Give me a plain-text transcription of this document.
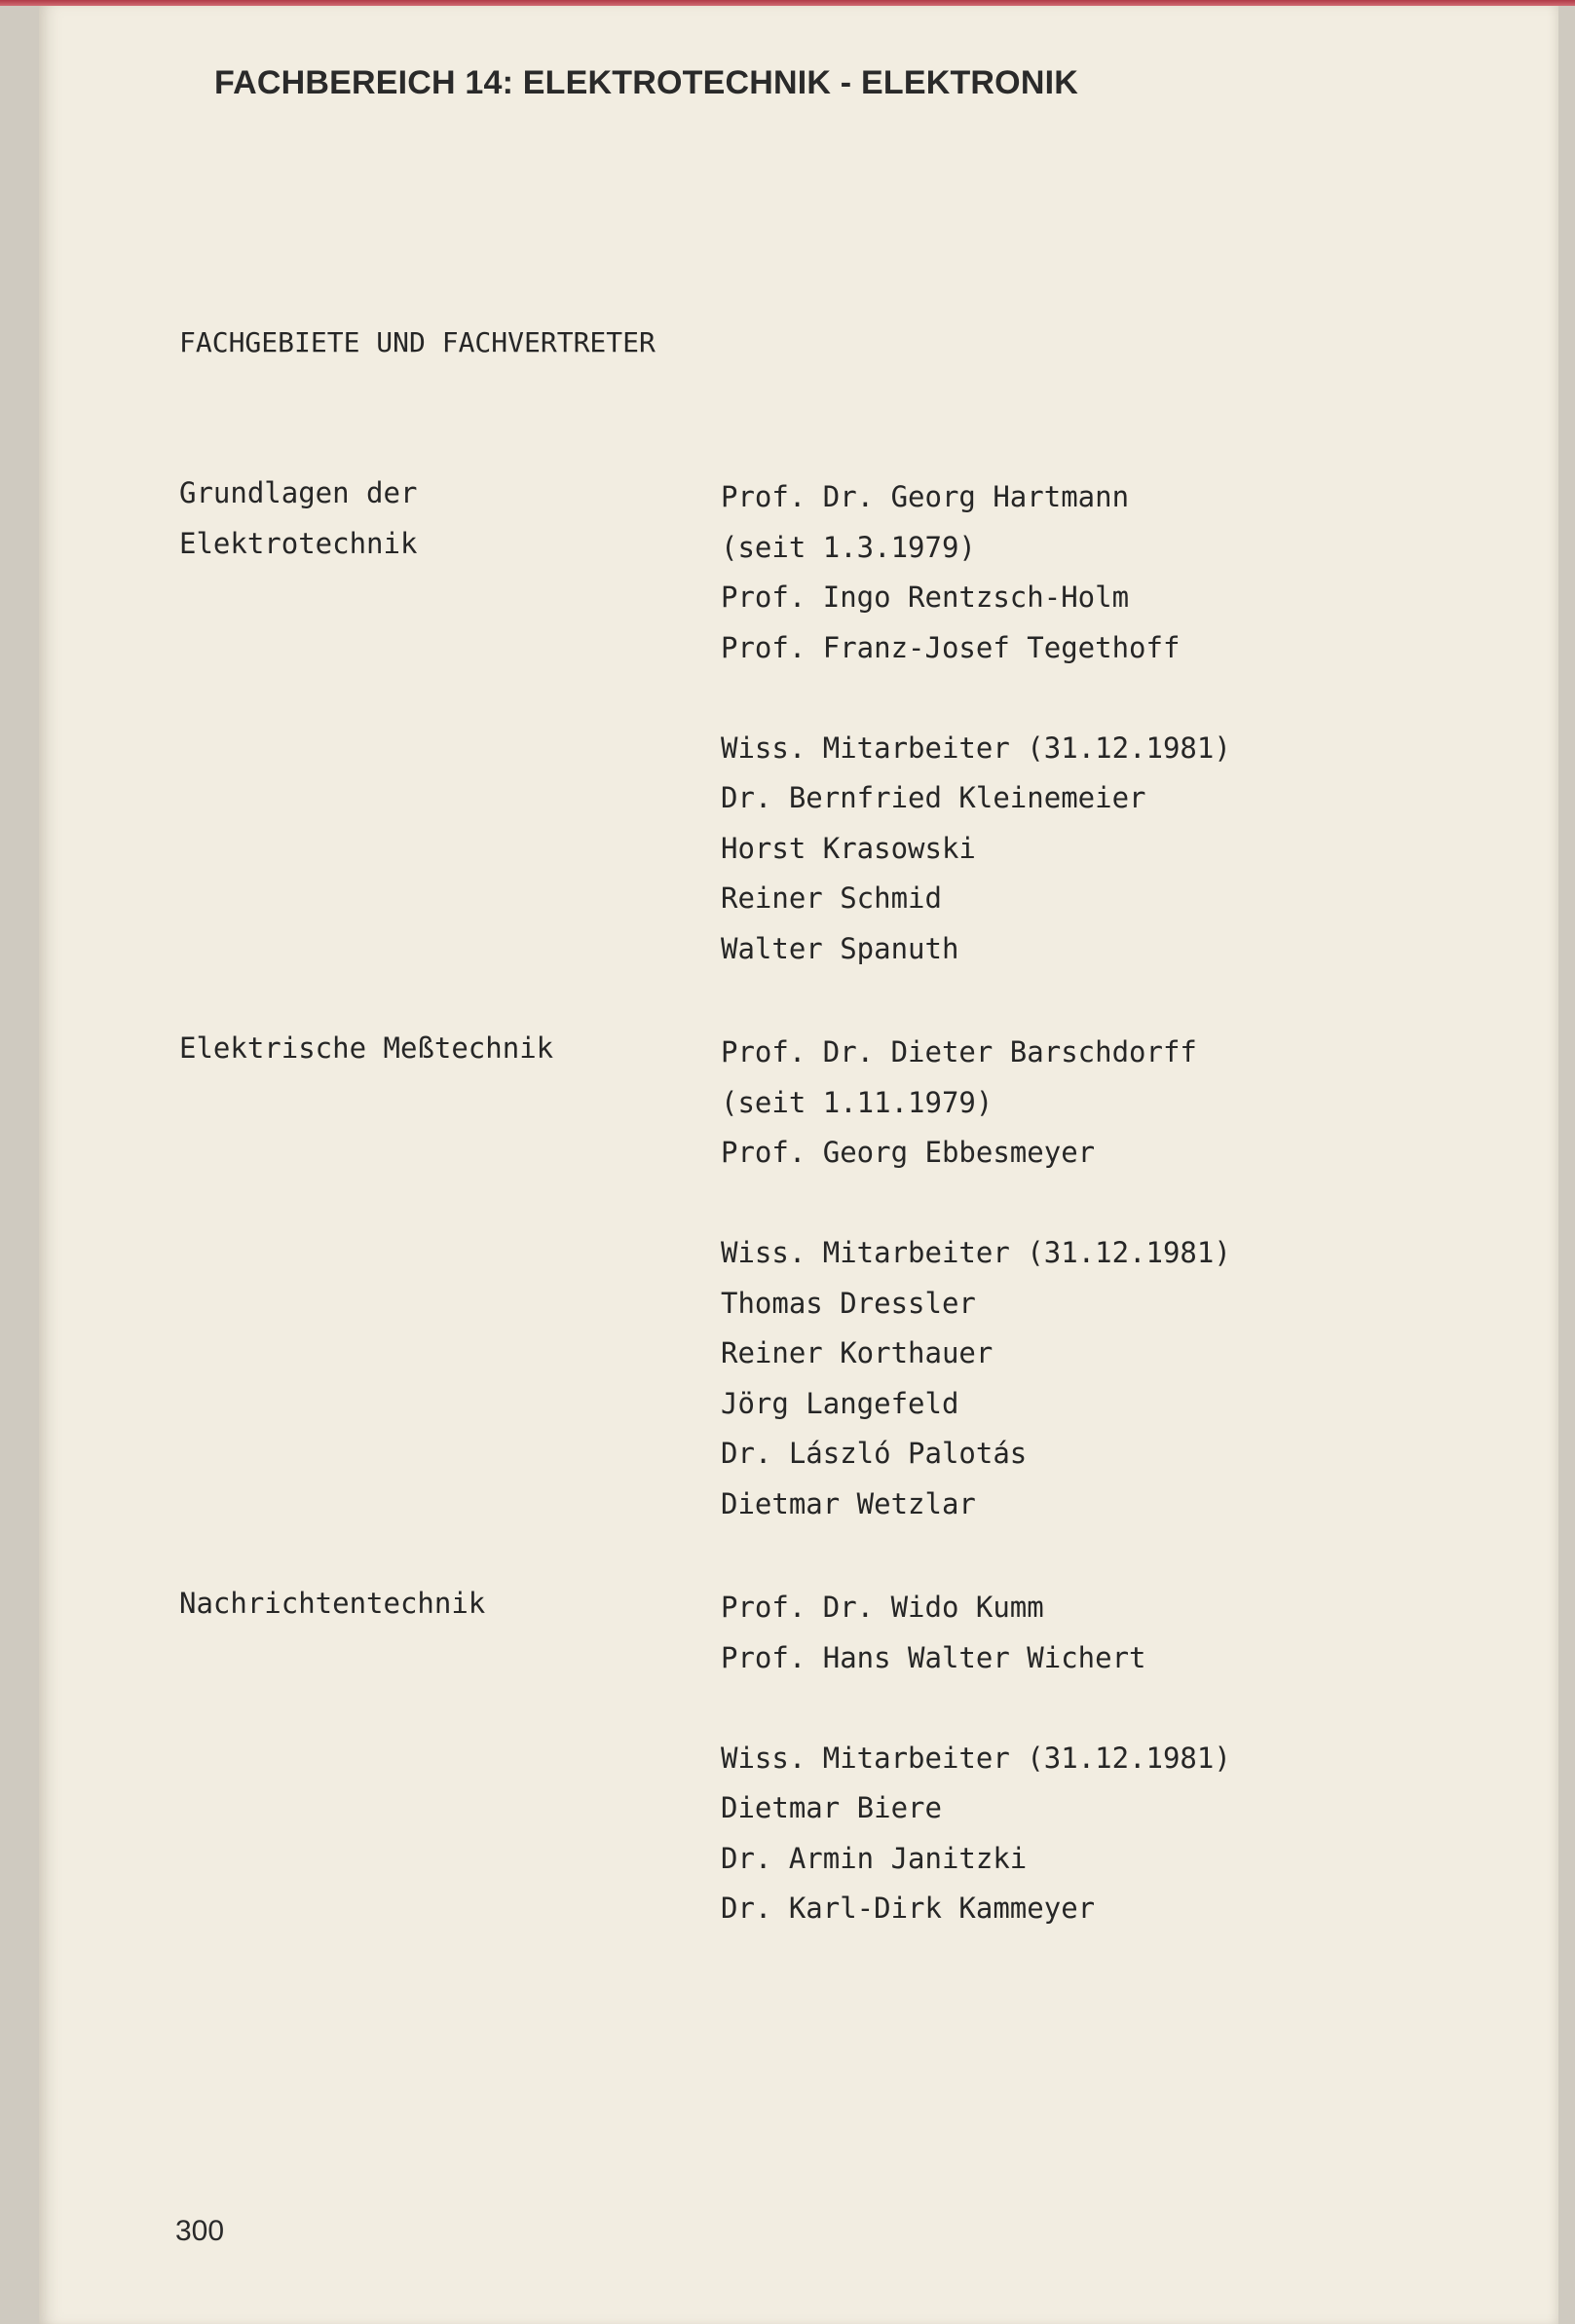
FACHBEREICH 14: ELEKTROTECHNIK - ELEKTRONIK
FACHGEBIETE UND FACHVERTRETER
Grundlagen der
Elektrotechnik
Prof. Dr. Georg Hartmann
(seit 1.3.1979)
Prof. Ingo Rentzsch-Holm
Prof. Franz-Josef Tegethoff
Wiss. Mitarbeiter (31.12.1981)
Dr. Bernfried Kleinemeier
Horst Krasowski
Reiner Schmid
Walter Spanuth
Elektrische Meßtechnik	Prof. Dr. Dieter Barschdorff
(seit 1.11.1979)
Prof. Georg Ebbesmeyer
Wiss. Mitarbeiter (31.12.1981)
Thomas Dressler
Reiner Korthauer
Jörg Langefeld
Dr. László Palotás
Dietmar Wetzlar
Nachrichtentechnik	Prof. Dr. Wido Kumm
Prof. Hans Walter Wichert
Wiss. Mitarbeiter (31.12.1981)
Dietmar Biere
Dr. Armin Janitzki
Dr. Karl-Dirk Kammeyer
300
